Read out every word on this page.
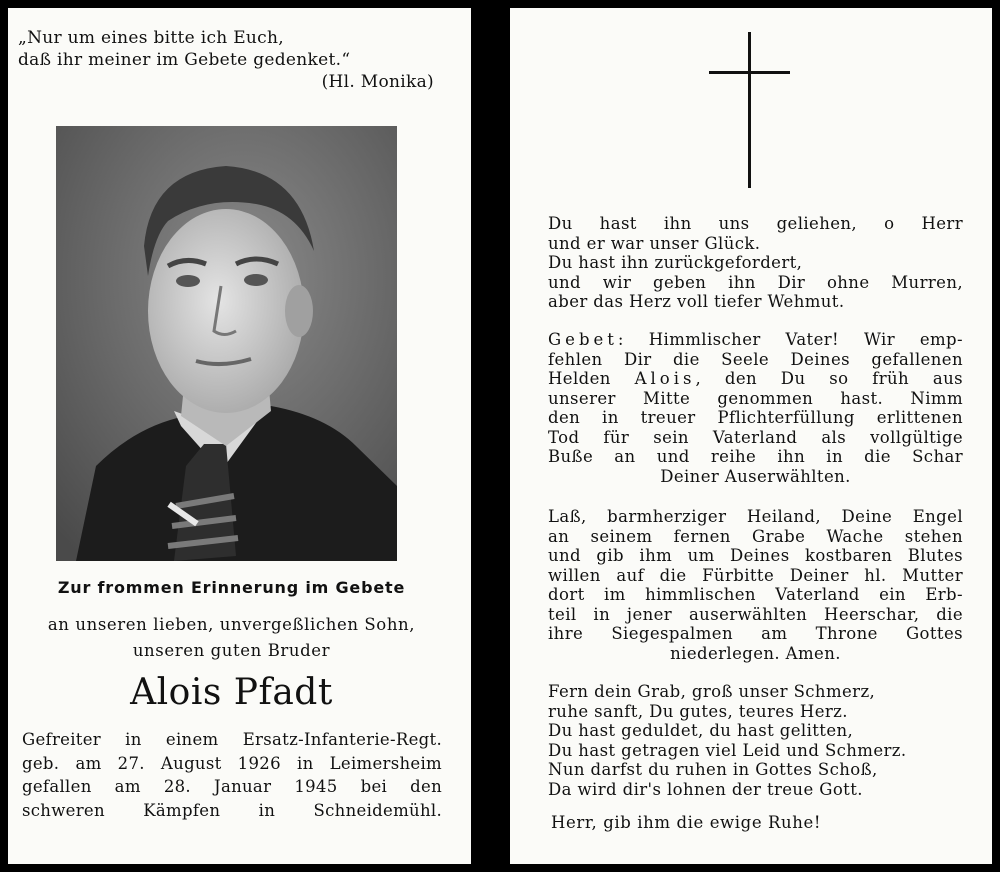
„Nur um eines bitte ich Euch,
daß ihr meiner im Gebete gedenket.“
(Hl. Monika)
Zur frommen Erinnerung im Gebete
an unseren lieben, unvergeßlichen Sohn,
unseren guten Bruder
Alois Pfadt
Gefreiter in einem Ersatz-Infanterie-Regt.
geb. am 27. August 1926 in Leimersheim
gefallen am 28. Januar 1945 bei den
schweren Kämpfen in Schneidemühl.
Du hast ihn uns geliehen, o Herr
und er war unser Glück.
Du hast ihn zurückgefordert,
und wir geben ihn Dir ohne Murren,
aber das Herz voll tiefer Wehmut.
Gebet: Himmlischer Vater! Wir emp-
fehlen Dir die Seele Deines gefallenen
Helden Alois, den Du so früh aus
unserer Mitte genommen hast. Nimm
den in treuer Pflichterfüllung erlittenen
Tod für sein Vaterland als vollgültige
Buße an und reihe ihn in die Schar
Deiner Auserwählten.
Laß, barmherziger Heiland, Deine Engel
an seinem fernen Grabe Wache stehen
und gib ihm um Deines kostbaren Blutes
willen auf die Fürbitte Deiner hl. Mutter
dort im himmlischen Vaterland ein Erb-
teil in jener auserwählten Heerschar, die
ihre Siegespalmen am Throne Gottes
niederlegen. Amen.
Fern dein Grab, groß unser Schmerz,
ruhe sanft, Du gutes, teures Herz.
Du hast geduldet, du hast gelitten,
Du hast getragen viel Leid und Schmerz.
Nun darfst du ruhen in Gottes Schoß,
Da wird dir's lohnen der treue Gott.
Herr, gib ihm die ewige Ruhe!
